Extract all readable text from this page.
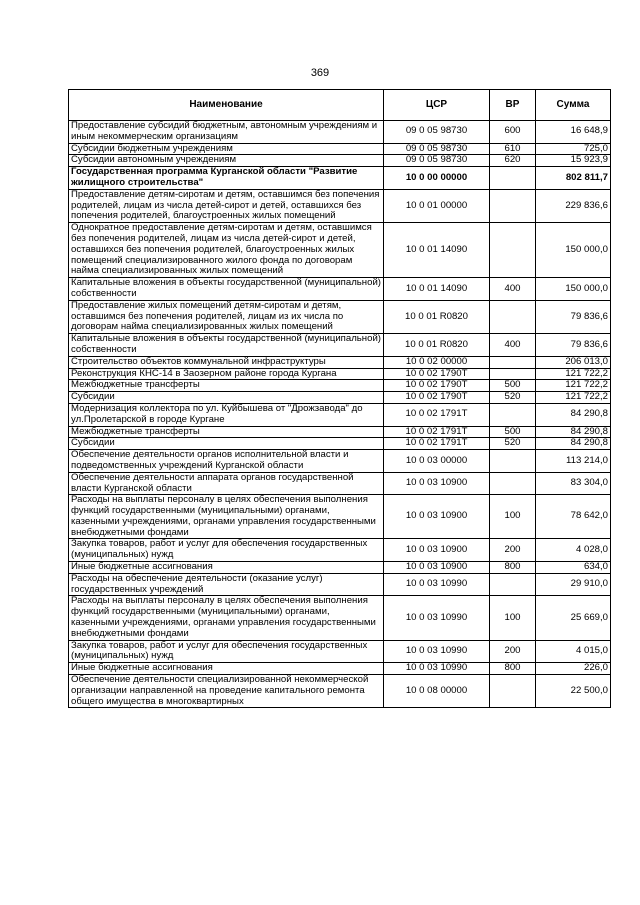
369
Наименование	ЦСР	ВР	Сумма
Предоставление субсидий бюджетным, автономным учреждениям и иным некоммерческим организациям	09 0 05 98730	600	16 648,9
Субсидии бюджетным учреждениям	09 0 05 98730	610	725,0
Субсидии автономным учреждениям	09 0 05 98730	620	15 923,9
Государственная программа Курганской области "Развитие жилищного строительства"	10 0 00 00000		802 811,7
Предоставление детям-сиротам и детям, оставшимся без попечения родителей, лицам из числа детей-сирот и детей, оставшихся без попечения родителей, благоустроенных жилых помещений	10 0 01 00000		229 836,6
Однократное предоставление детям-сиротам и детям, оставшимся без попечения родителей, лицам из числа детей-сирот и детей, оставшихся без попечения родителей, благоустроенных жилых помещений специализированного жилого фонда по договорам найма специализированных жилых помещений	10 0 01 14090		150 000,0
Капитальные вложения в объекты государственной (муниципальной) собственности	10 0 01 14090	400	150 000,0
Предоставление жилых помещений детям-сиротам и детям, оставшимся без попечения родителей, лицам из их числа по договорам найма специализированных жилых помещений	10 0 01 R0820		79 836,6
Капитальные вложения в объекты государственной (муниципальной) собственности	10 0 01 R0820	400	79 836,6
Строительство объектов коммунальной инфраструктуры	10 0 02 00000		206 013,0
Реконструкция КНС-14 в Заозерном районе города Кургана	10 0 02 1790Т		121 722,2
Межбюджетные трансферты	10 0 02 1790Т	500	121 722,2
Субсидии	10 0 02 1790Т	520	121 722,2
Модернизация коллектора по ул. Куйбышева от "Дрожзавода" до ул.Пролетарской в городе Кургане	10 0 02 1791Т		84 290,8
Межбюджетные трансферты	10 0 02 1791Т	500	84 290,8
Субсидии	10 0 02 1791Т	520	84 290,8
Обеспечение деятельности органов исполнительной власти и подведомственных учреждений Курганской области	10 0 03 00000		113 214,0
Обеспечение деятельности аппарата органов государственной власти Курганской области	10 0 03 10900		83 304,0
Расходы на выплаты персоналу в целях обеспечения выполнения функций государственными (муниципальными) органами, казенными учреждениями, органами управления государственными внебюджетными фондами	10 0 03 10900	100	78 642,0
Закупка товаров, работ и услуг для обеспечения государственных (муниципальных) нужд	10 0 03 10900	200	4 028,0
Иные бюджетные ассигнования	10 0 03 10900	800	634,0
Расходы на обеспечение деятельности (оказание услуг) государственных учреждений	10 0 03 10990		29 910,0
Расходы на выплаты персоналу в целях обеспечения выполнения функций государственными (муниципальными) органами, казенными учреждениями, органами управления государственными внебюджетными фондами	10 0 03 10990	100	25 669,0
Закупка товаров, работ и услуг для обеспечения государственных (муниципальных) нужд	10 0 03 10990	200	4 015,0
Иные бюджетные ассигнования	10 0 03 10990	800	226,0
Обеспечение деятельности специализированной некоммерческой организации направленной на проведение капитального ремонта общего имущества в многоквартирных	10 0 08 00000		22 500,0
